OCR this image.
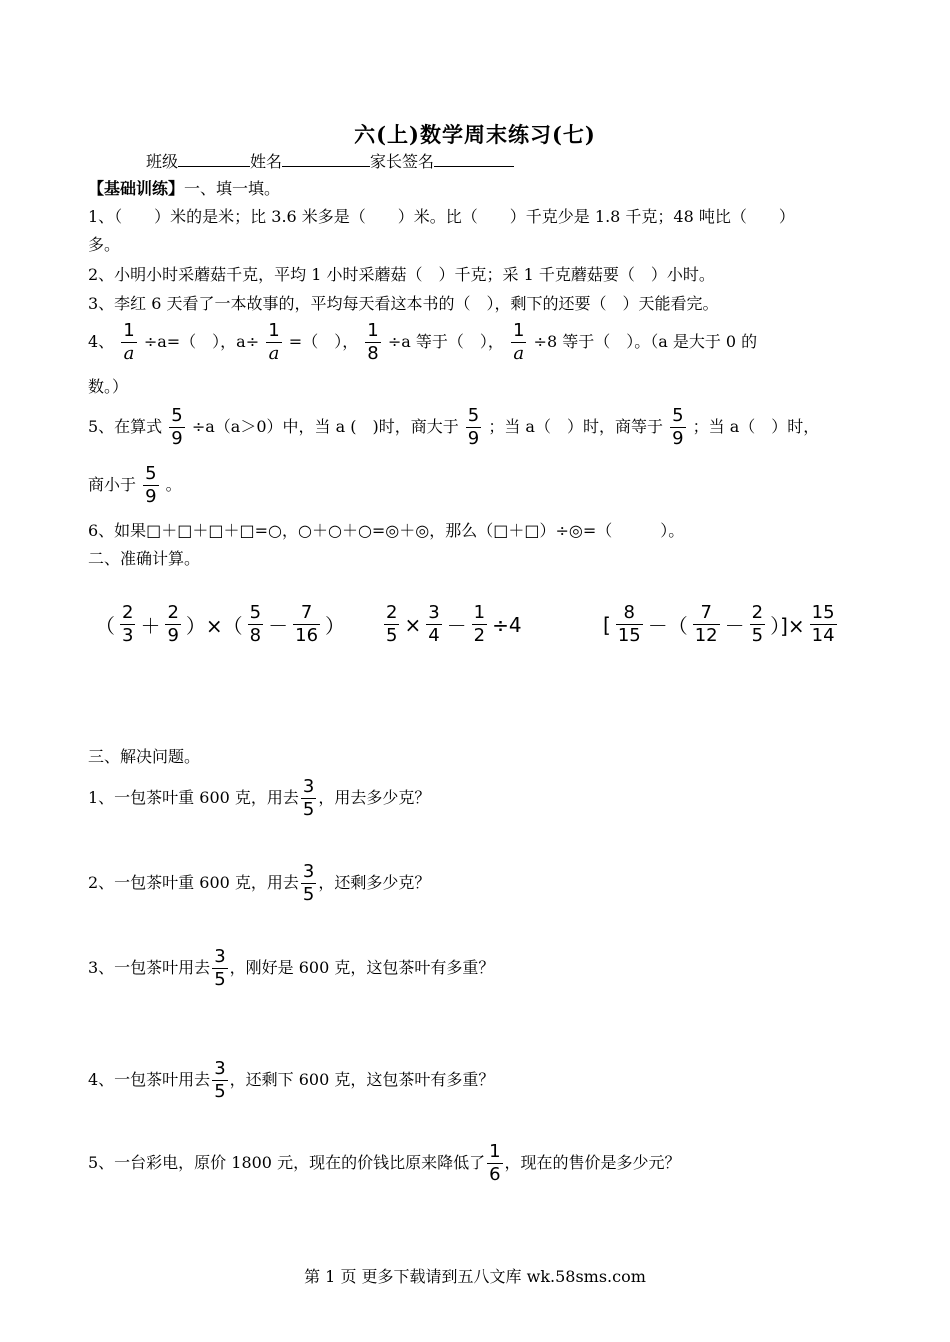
六(上)数学周末练习(七)
班级	姓名	家长签名
【基础训练】一、填一填。
1、（　　）米的是米；比 3.6 米多是（　　）米。比（　　）千克少是 1.8 千克；48 吨比（　　）
多。
2、小明小时采蘑菇千克，平均 1 小时采蘑菇（　）千克；采 1 千克蘑菇要（　）小时。
3、李红 6 天看了一本故事的，平均每天看这本书的（　），剩下的还要（　）天能看完。
4、 $\frac{1}{a} \div a=$（　），$a\div \frac{1}{a}$ =（　）， $\frac{1}{8} \div a$ 等于（　）， $\frac{1}{a} \div 8$ 等于（　）。（a 是大于 0 的
数。）
5、在算式 $\frac{5}{9} \div a(a>0)$中，当 a (　)时，商大于 $\frac{5}{9}$ ；当 a（　）时，商等于 $\frac{5}{9}$ ；当 a（　）时，
商小于 $\frac{5}{9}$ 。
6、如果□＋□＋□＋□=○，○＋○＋○=◎＋◎，那么（□＋□）÷◎=（　　　）。
二、准确计算。
（ $\frac{2}{3} + \frac{2}{9}$ ）×（ $\frac{5}{8} - \frac{7}{16}$ ） $\frac{2}{5} \times \frac{3}{4} - \frac{1}{2} \div 4$	[ $\frac{8}{15}$ －（ $\frac{7}{12} - \frac{2}{5}$ ）]× $\frac{15}{14}$
三、解决问题。
1、一包茶叶重 600 克，用去 $\frac{3}{5}$ ，用去多少克？
2、一包茶叶重 600 克，用去 $\frac{3}{5}$ ，还剩多少克？
3、一包茶叶用去 $\frac{3}{5}$ ，刚好是 600 克，这包茶叶有多重？
4、一包茶叶用去 $\frac{3}{5}$ ，还剩下 600 克，这包茶叶有多重？
5、一台彩电，原价 1800 元，现在的价钱比原来降低了 $\frac{1}{6}$ ，现在的售价是多少元？
第 1 页 更多下载请到五八文库 wk.58sms.com
